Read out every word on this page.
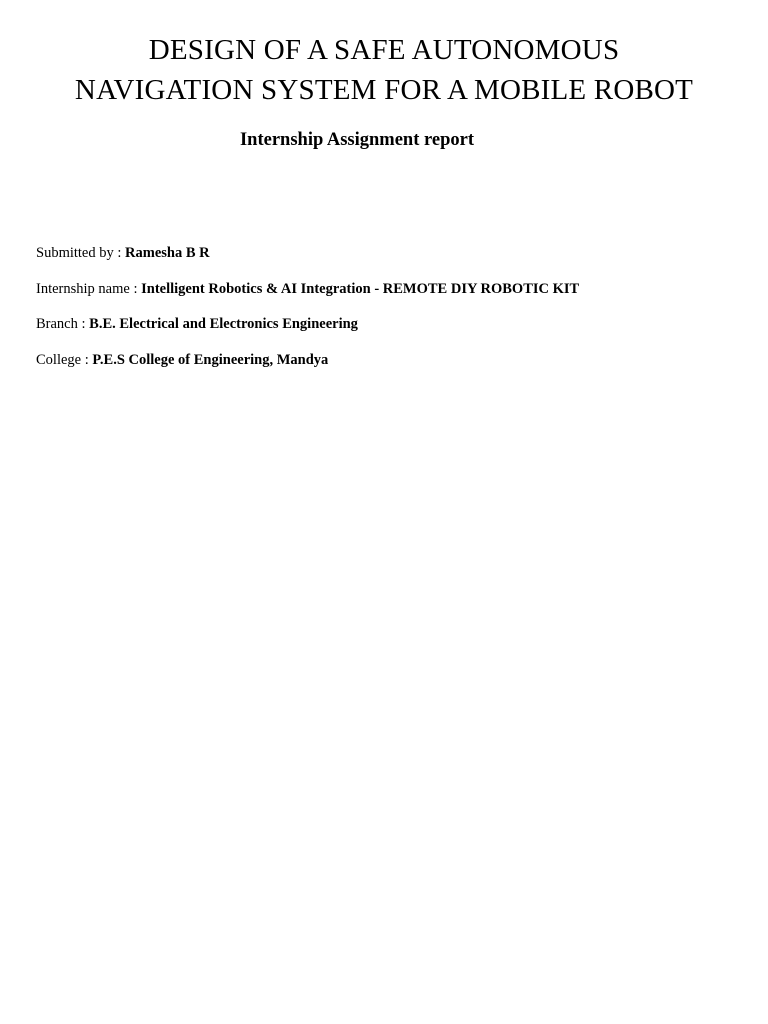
DESIGN OF A SAFE AUTONOMOUS
NAVIGATION SYSTEM FOR A MOBILE ROBOT
Internship Assignment report
Submitted by : Ramesha B R
Internship name : Intelligent Robotics & AI Integration - REMOTE DIY ROBOTIC KIT
Branch : B.E. Electrical and Electronics Engineering
College : P.E.S College of Engineering, Mandya
